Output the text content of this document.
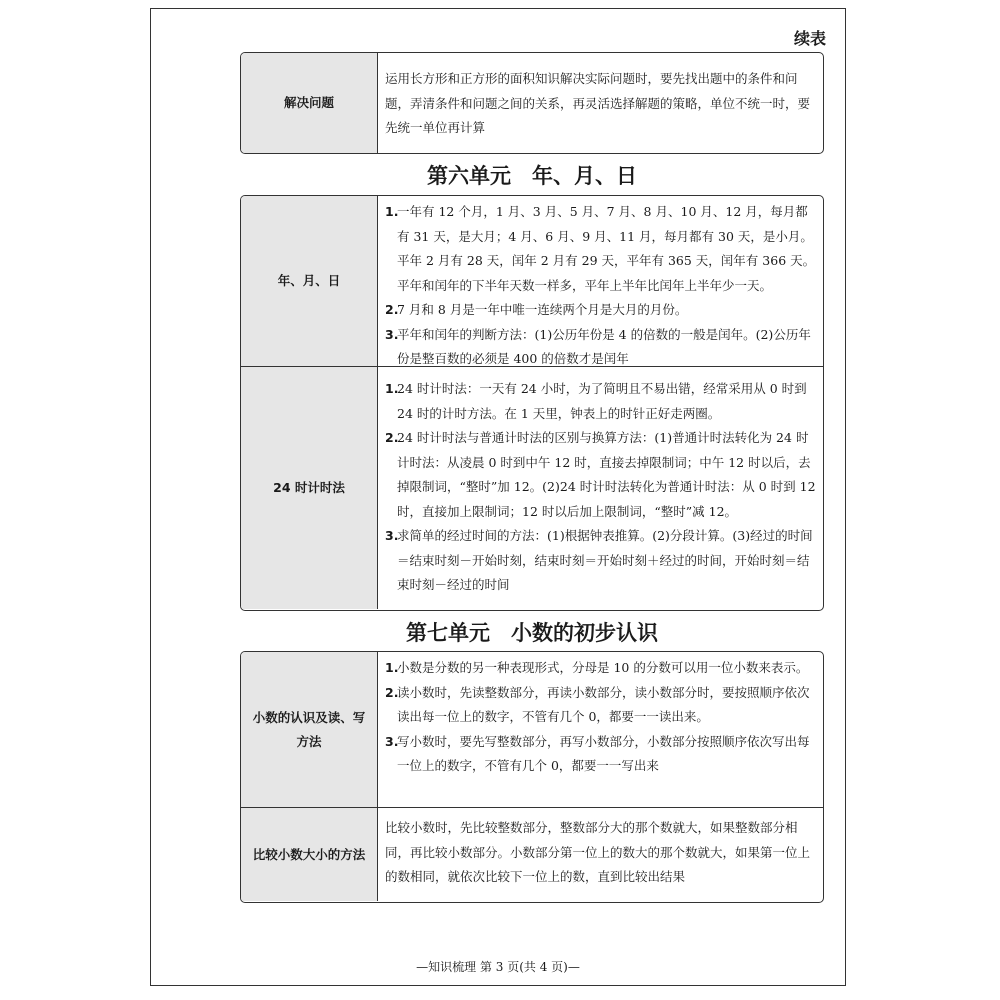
续表
解决问题
运用长方形和正方形的面积知识解决实际问题时，要先找出题中的条件和问题，弄清条件和问题之间的关系，再灵活选择解题的策略，单位不统一时，要先统一单位再计算
第六单元　年、月、日
年、月、日
1.
一年有 12 个月，1 月、3 月、5 月、7 月、8 月、10 月、12 月，每月都有 31 天，是大月；4 月、6 月、9 月、11 月，每月都有 30 天，是小月。平年 2 月有 28 天，闰年 2 月有 29 天，平年有 365 天，闰年有 366 天。平年和闰年的下半年天数一样多，平年上半年比闰年上半年少一天。
2.
7 月和 8 月是一年中唯一连续两个月是大月的月份。
3.
平年和闰年的判断方法：(1)公历年份是 4 的倍数的一般是闰年。(2)公历年份是整百数的必须是 400 的倍数才是闰年
24 时计时法
1.
24 时计时法：一天有 24 小时，为了简明且不易出错，经常采用从 0 时到 24 时的计时方法。在 1 天里，钟表上的时针正好走两圈。
2.
24 时计时法与普通计时法的区别与换算方法：(1)普通计时法转化为 24 时计时法：从凌晨 0 时到中午 12 时，直接去掉限制词；中午 12 时以后，去掉限制词，“整时”加 12。(2)24 时计时法转化为普通计时法：从 0 时到 12 时，直接加上限制词；12 时以后加上限制词，“整时”减 12。
3.
求简单的经过时间的方法：(1)根据钟表推算。(2)分段计算。(3)经过的时间＝结束时刻－开始时刻，结束时刻＝开始时刻＋经过的时间，开始时刻＝结束时刻－经过的时间
第七单元　小数的初步认识
小数的认识及读、写方法
1.
小数是分数的另一种表现形式，分母是 10 的分数可以用一位小数来表示。
2.
读小数时，先读整数部分，再读小数部分，读小数部分时，要按照顺序依次读出每一位上的数字，不管有几个 0，都要一一读出来。
3.
写小数时，要先写整数部分，再写小数部分，小数部分按照顺序依次写出每一位上的数字，不管有几个 0，都要一一写出来
比较小数大小的方法
比较小数时，先比较整数部分，整数部分大的那个数就大，如果整数部分相同，再比较小数部分。小数部分第一位上的数大的那个数就大，如果第一位上的数相同，就依次比较下一位上的数，直到比较出结果
—知识梳理 第 3 页(共 4 页)—
